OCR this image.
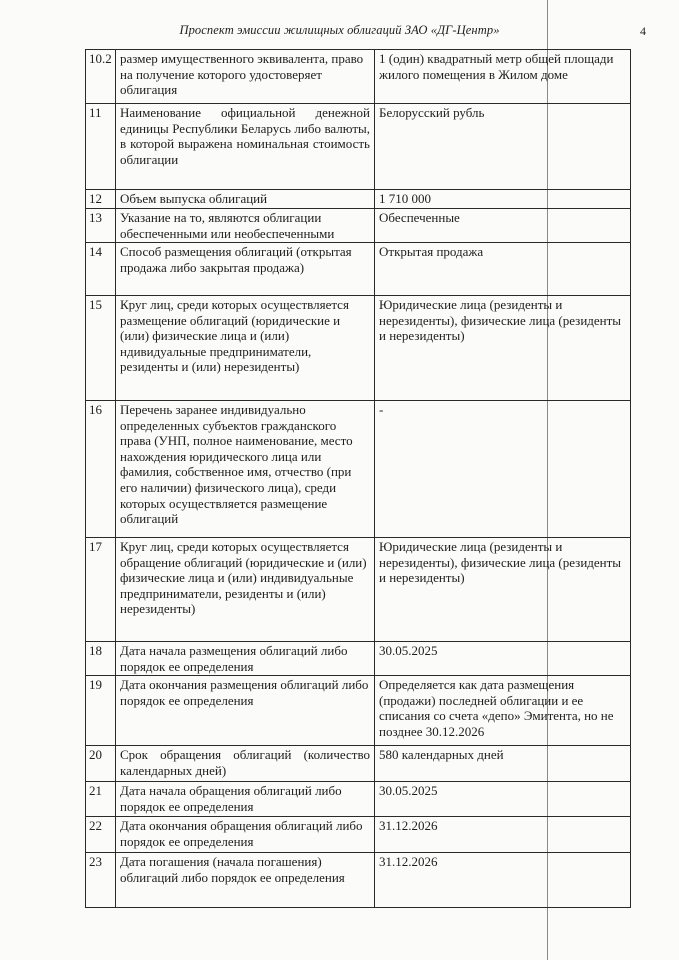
Проспект эмиссии жилищных облигаций ЗАО «ДГ-Центр»	4
10.2	размер имущественного эквивалента, право на получение которого удостоверяет облигация	1 (один) квадратный метр общей площади жилого помещения в Жилом доме
11	Наименование официальной денежной единицы Республики Беларусь либо валюты, в которой выражена номинальная стоимость облигации	Белорусский рубль
12	Объем выпуска облигаций	1 710 000
13	Указание на то, являются облигации обеспеченными или необеспеченными	Обеспеченные
14	Способ размещения облигаций (открытая продажа либо закрытая продажа)	Открытая продажа
15	Круг лиц, среди которых осуществляется размещение облигаций (юридические и (или) физические лица и (или) ндивидуальные предприниматели, резиденты и (или) нерезиденты)	Юридические лица (резиденты и нерезиденты), физические лица (резиденты и нерезиденты)
16	Перечень заранее индивидуально определенных субъектов гражданского права (УНП, полное наименование, место нахождения юридического лица или фамилия, собственное имя, отчество (при его наличии) физического лица), среди которых осуществляется размещение облигаций	-
17	Круг лиц, среди которых осуществляется обращение облигаций (юридические и (или) физические лица и (или) индивидуальные предприниматели, резиденты и (или) нерезиденты)	Юридические лица (резиденты и нерезиденты), физические лица (резиденты и нерезиденты)
18	Дата начала размещения облигаций либо порядок ее определения	30.05.2025
19	Дата окончания размещения облигаций либо порядок ее определения	Определяется как дата размещения (продажи) последней облигации и ее списания со счета «депо» Эмитента, но не позднее 30.12.2026
20	Срок обращения облигаций (количество календарных дней)	580 календарных дней
21	Дата начала обращения облигаций либо порядок ее определения	30.05.2025
22	Дата окончания обращения облигаций либо порядок ее определения	31.12.2026
23	Дата погашения (начала погашения) облигаций либо порядок ее определения	31.12.2026
